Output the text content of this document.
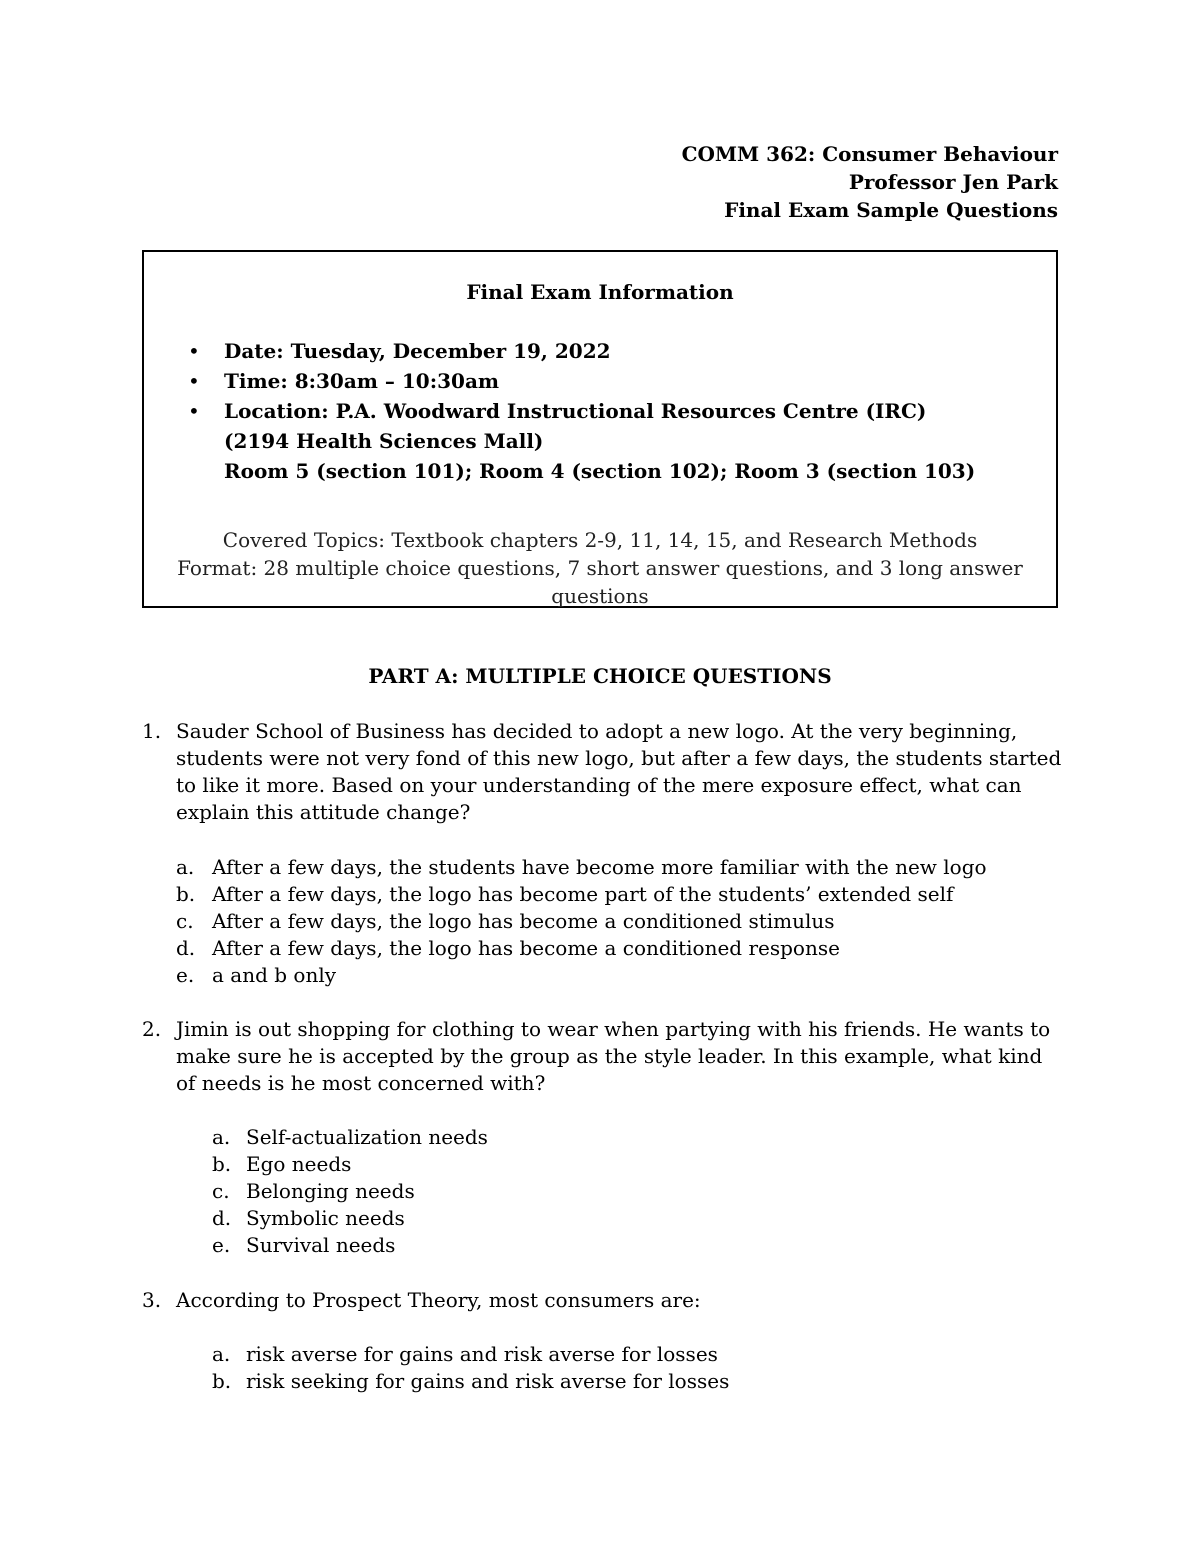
COMM 362: Consumer Behaviour
Professor Jen Park
Final Exam Sample Questions
Final Exam Information
• Date: Tuesday, December 19, 2022
• Time: 8:30am – 10:30am
• Location: P.A. Woodward Instructional Resources Centre (IRC)
(2194 Health Sciences Mall)
Room 5 (section 101); Room 4 (section 102); Room 3 (section 103)
Covered Topics: Textbook chapters 2-9, 11, 14, 15, and Research Methods
Format: 28 multiple choice questions, 7 short answer questions, and 3 long answer questions
PART A: MULTIPLE CHOICE QUESTIONS
1. Sauder School of Business has decided to adopt a new logo. At the very beginning, students were not very fond of this new logo, but after a few days, the students started to like it more. Based on your understanding of the mere exposure effect, what can explain this attitude change?
a. After a few days, the students have become more familiar with the new logo
b. After a few days, the logo has become part of the students’ extended self
c. After a few days, the logo has become a conditioned stimulus
d. After a few days, the logo has become a conditioned response
e. a and b only
2. Jimin is out shopping for clothing to wear when partying with his friends. He wants to make sure he is accepted by the group as the style leader. In this example, what kind of needs is he most concerned with?
a. Self-actualization needs
b. Ego needs
c. Belonging needs
d. Symbolic needs
e. Survival needs
3. According to Prospect Theory, most consumers are:
a. risk averse for gains and risk averse for losses
b. risk seeking for gains and risk averse for losses
